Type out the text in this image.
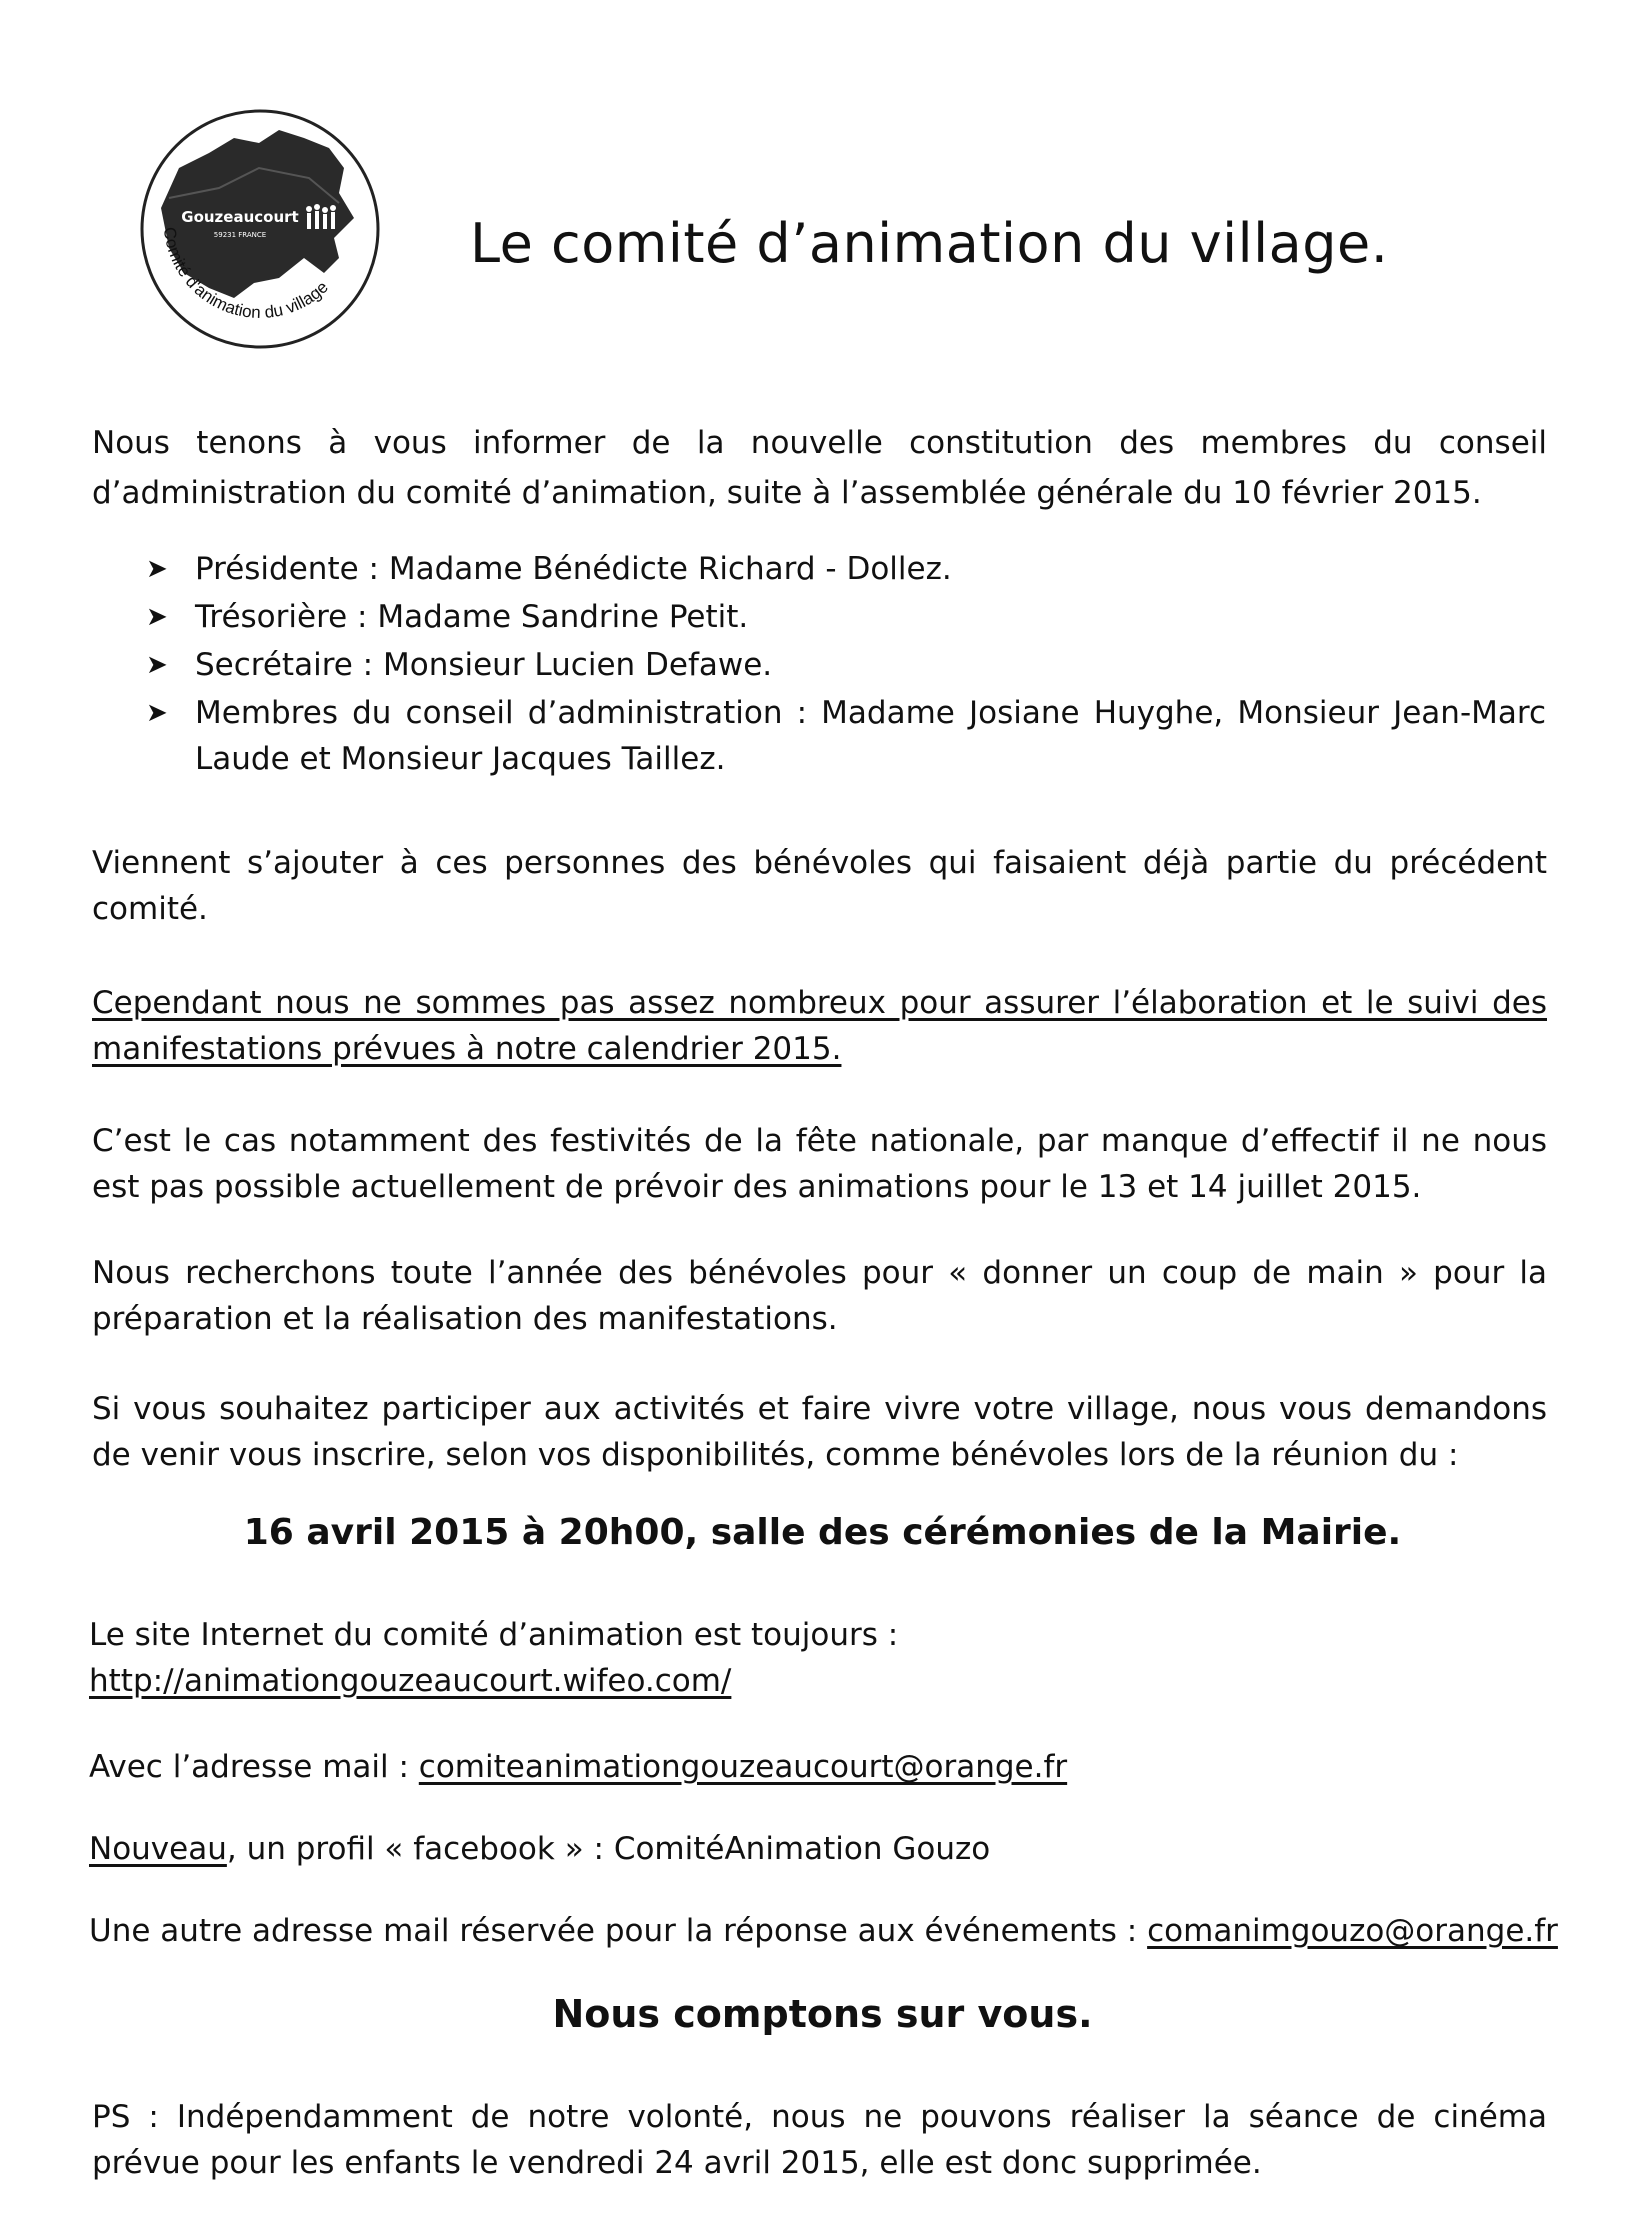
Gouzeaucourt
59231 FRANCE
Comité d'animation du village
Le comité d’animation du village.
Nous tenons à vous informer de la nouvelle constitution des membres du conseil
d’administration du comité d’animation, suite à l’assemblée générale du 10 février 2015.
➤ Présidente : Madame Bénédicte Richard - Dollez.
➤ Trésorière : Madame Sandrine Petit.
➤ Secrétaire : Monsieur Lucien Defawe.
➤ Membres du conseil d’administration : Madame Josiane Huyghe, Monsieur Jean-Marc Laude et Monsieur Jacques Taillez.
Viennent s’ajouter à ces personnes des bénévoles qui faisaient déjà partie du précédent comité.
Cependant nous ne sommes pas assez nombreux pour assurer l’élaboration et le suivi des manifestations prévues à notre calendrier 2015.
C’est le cas notamment des festivités de la fête nationale, par manque d’effectif il ne nous est pas possible actuellement de prévoir des animations pour le 13 et 14 juillet 2015.
Nous recherchons toute l’année des bénévoles pour « donner un coup de main » pour la préparation et la réalisation des manifestations.
Si vous souhaitez participer aux activités et faire vivre votre village, nous vous demandons de venir vous inscrire, selon vos disponibilités, comme bénévoles lors de la réunion du :
16 avril 2015 à 20h00, salle des cérémonies de la Mairie.
Le site Internet du comité d’animation est toujours :
http://animationgouzeaucourt.wifeo.com/
Avec l’adresse mail : comiteanimationgouzeaucourt@orange.fr
Nouveau, un profil « facebook » : ComitéAnimation Gouzo
Une autre adresse mail réservée pour la réponse aux événements : comanimgouzo@orange.fr
Nous comptons sur vous.
PS : Indépendamment de notre volonté, nous ne pouvons réaliser la séance de cinéma prévue pour les enfants le vendredi 24 avril 2015, elle est donc supprimée.
